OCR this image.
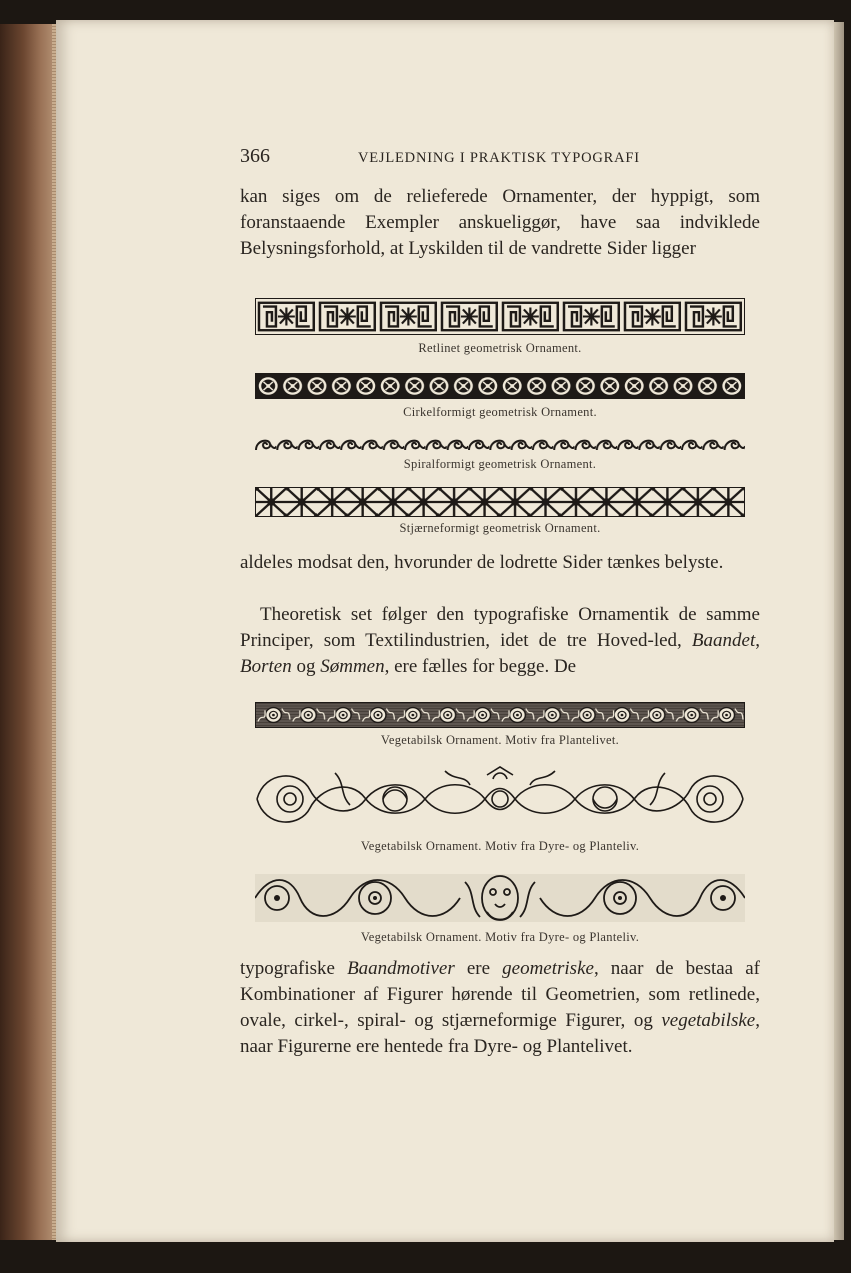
366	VEJLEDNING I PRAKTISK TYPOGRAFI
kan siges om de relieferede Ornamenter, der hyppigt, som foranstaaende Exempler anskueliggør, have saa indviklede Belysningsforhold, at Lyskilden til de vandrette Sider ligger
Retlinet geometrisk Ornament.
Cirkelformigt geometrisk Ornament.
Spiralformigt geometrisk Ornament.
Stjærneformigt geometrisk Ornament.
aldeles modsat den, hvorunder de lodrette Sider tænkes belyste.
Theoretisk set følger den typografiske Ornamentik de samme Principer, som Textilindustrien, idet de tre Hoved-led, Baandet, Borten og Sømmen, ere fælles for begge. De
Vegetabilsk Ornament. Motiv fra Plantelivet.
Vegetabilsk Ornament. Motiv fra Dyre- og Planteliv.
Vegetabilsk Ornament. Motiv fra Dyre- og Planteliv.
typografiske Baandmotiver ere geometriske, naar de bestaa af Kombinationer af Figurer hørende til Geometrien, som retlinede, ovale, cirkel-, spiral- og stjærneformige Figurer, og vegetabilske, naar Figurerne ere hentede fra Dyre- og Plantelivet.
